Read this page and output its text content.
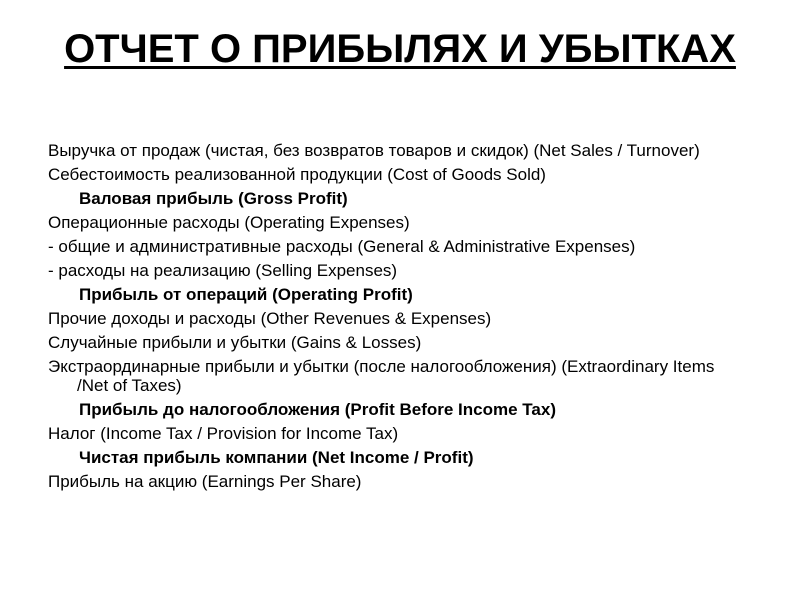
ОТЧЕТ О ПРИБЫЛЯХ И УБЫТКАХ
Выручка от продаж (чистая, без возвратов товаров и скидок) (Net Sales / Turnover)
Себестоимость реализованной продукции (Cost of Goods Sold)
Валовая прибыль (Gross Profit)
Операционные расходы (Operating Expenses)
- общие и административные расходы (General & Administrative Expenses)
- расходы на реализацию (Selling Expenses)
Прибыль от операций (Operating Profit)
Прочие доходы и расходы (Other Revenues & Expenses)
Случайные прибыли и убытки (Gains & Losses)
Экстраординарные прибыли и убытки (после налогообложения) (Extraordinary Items /Net of Taxes)
Прибыль до налогообложения (Profit Before Income Tax)
Налог (Income Tax / Provision for Income Tax)
Чистая прибыль компании (Net Income / Profit)
Прибыль на акцию (Earnings Per Share)
